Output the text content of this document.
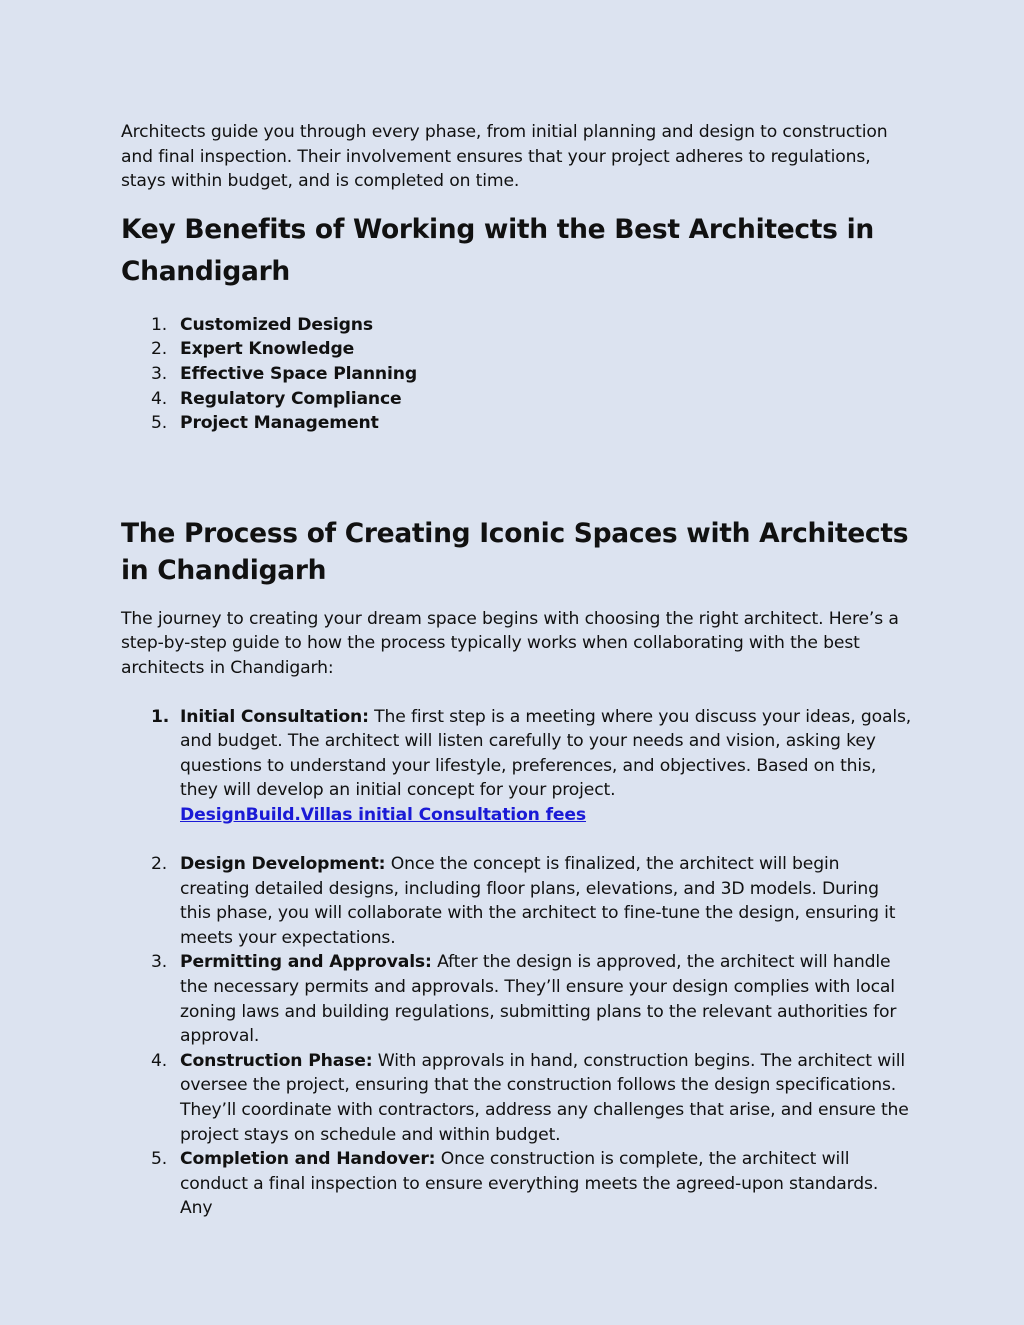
Architects guide you through every phase, from initial planning and design to construction and final inspection. Their involvement ensures that your project adheres to regulations, stays within budget, and is completed on time.

Key Benefits of Working with the Best Architects in Chandigarh
1. Customized Designs
2. Expert Knowledge
3. Effective Space Planning
4. Regulatory Compliance
5. Project Management
The Process of Creating Iconic Spaces with Architects in Chandigarh

The journey to creating your dream space begins with choosing the right architect. Here’s a step-by-step guide to how the process typically works when collaborating with the best architects in Chandigarh:

1. Initial Consultation: The first step is a meeting where you discuss your ideas, goals, and budget. The architect will listen carefully to your needs and vision, asking key questions to understand your lifestyle, preferences, and objectives. Based on this, they will develop an initial concept for your project.
DesignBuild.Villas initial Consultation fees
2. Design Development: Once the concept is finalized, the architect will begin creating detailed designs, including floor plans, elevations, and 3D models. During this phase, you will collaborate with the architect to fine-tune the design, ensuring it meets your expectations.
3. Permitting and Approvals: After the design is approved, the architect will handle the necessary permits and approvals. They’ll ensure your design complies with local zoning laws and building regulations, submitting plans to the relevant authorities for approval.
4. Construction Phase: With approvals in hand, construction begins. The architect will oversee the project, ensuring that the construction follows the design specifications. They’ll coordinate with contractors, address any challenges that arise, and ensure the project stays on schedule and within budget.
5. Completion and Handover: Once construction is complete, the architect will conduct a final inspection to ensure everything meets the agreed-upon standards. Any
